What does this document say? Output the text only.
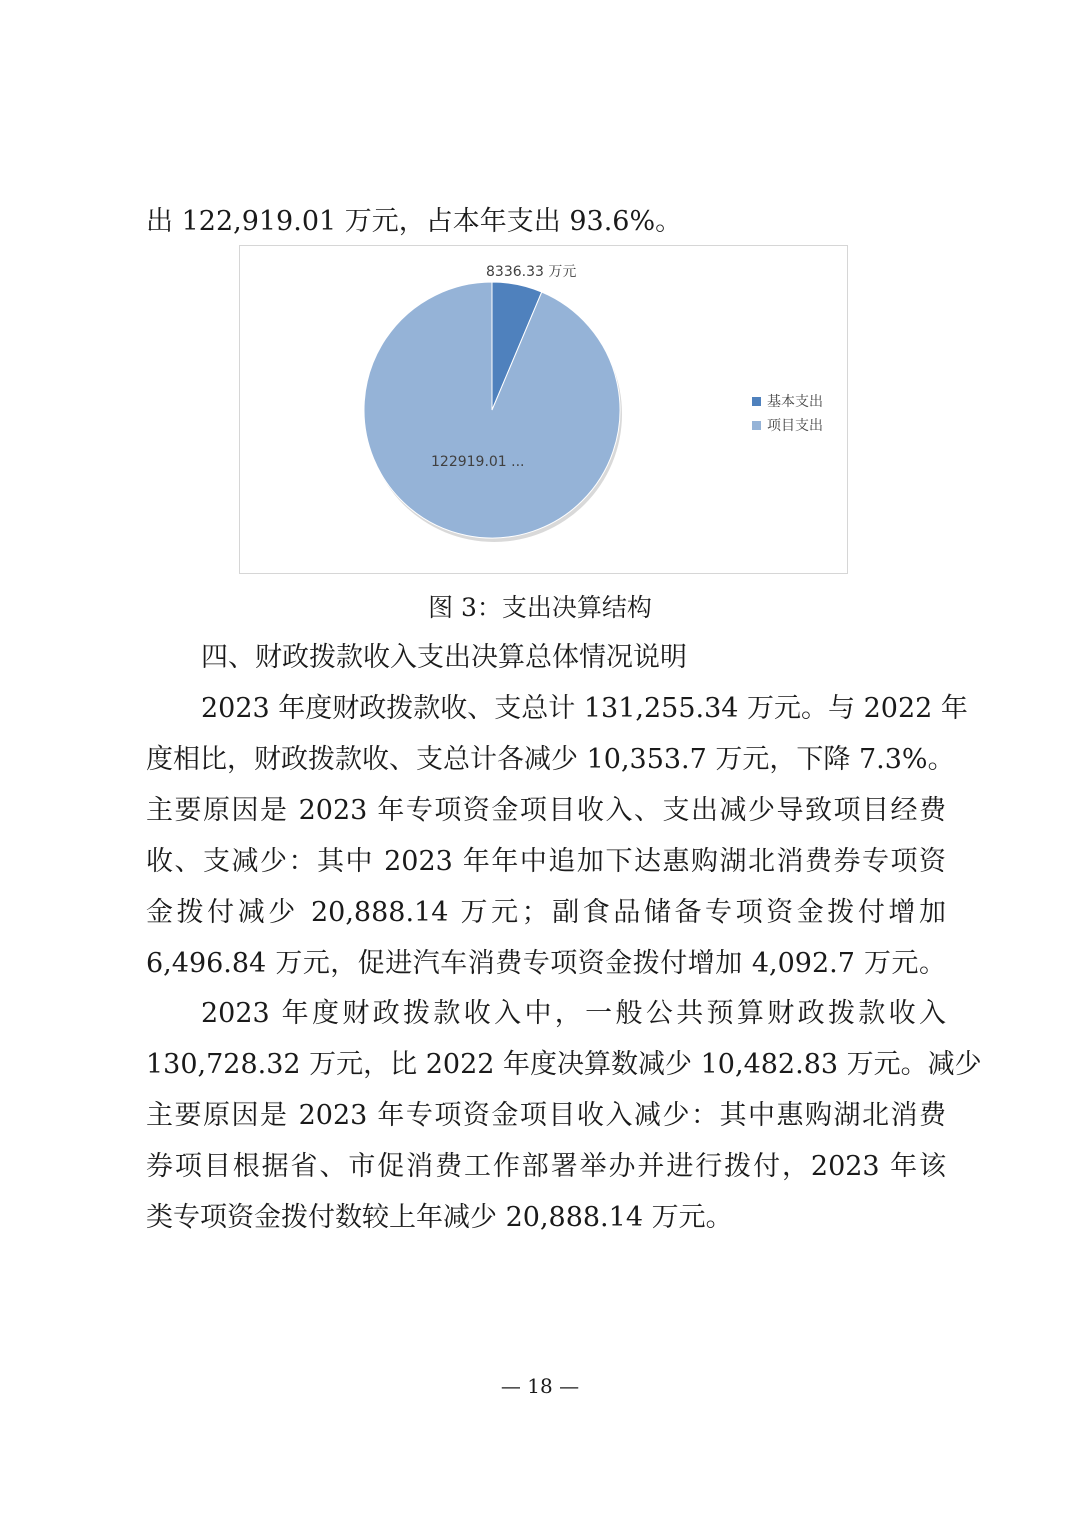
出 122,919.01 万元，占本年支出 93.6%。
8336.33 万元
122919.01 ...
基本支出
项目支出
图 3：支出决算结构
四、财政拨款收入支出决算总体情况说明
2023 年度财政拨款收、支总计 131,255.34 万元。与 2022 年
度相比，财政拨款收、支总计各减少 10,353.7 万元，下降 7.3%。
主要原因是 2023 年专项资金项目收入、支出减少导致项目经费
收、支减少：其中 2023 年年中追加下达惠购湖北消费券专项资
金拨付减少 20,888.14 万元；副食品储备专项资金拨付增加
6,496.84 万元，促进汽车消费专项资金拨付增加 4,092.7 万元。
2023 年度财政拨款收入中，一般公共预算财政拨款收入
130,728.32 万元，比 2022 年度决算数减少 10,482.83 万元。减少
主要原因是 2023 年专项资金项目收入减少：其中惠购湖北消费
券项目根据省、市促消费工作部署举办并进行拨付，2023 年该
类专项资金拨付数较上年减少 20,888.14 万元。
— 18 —
